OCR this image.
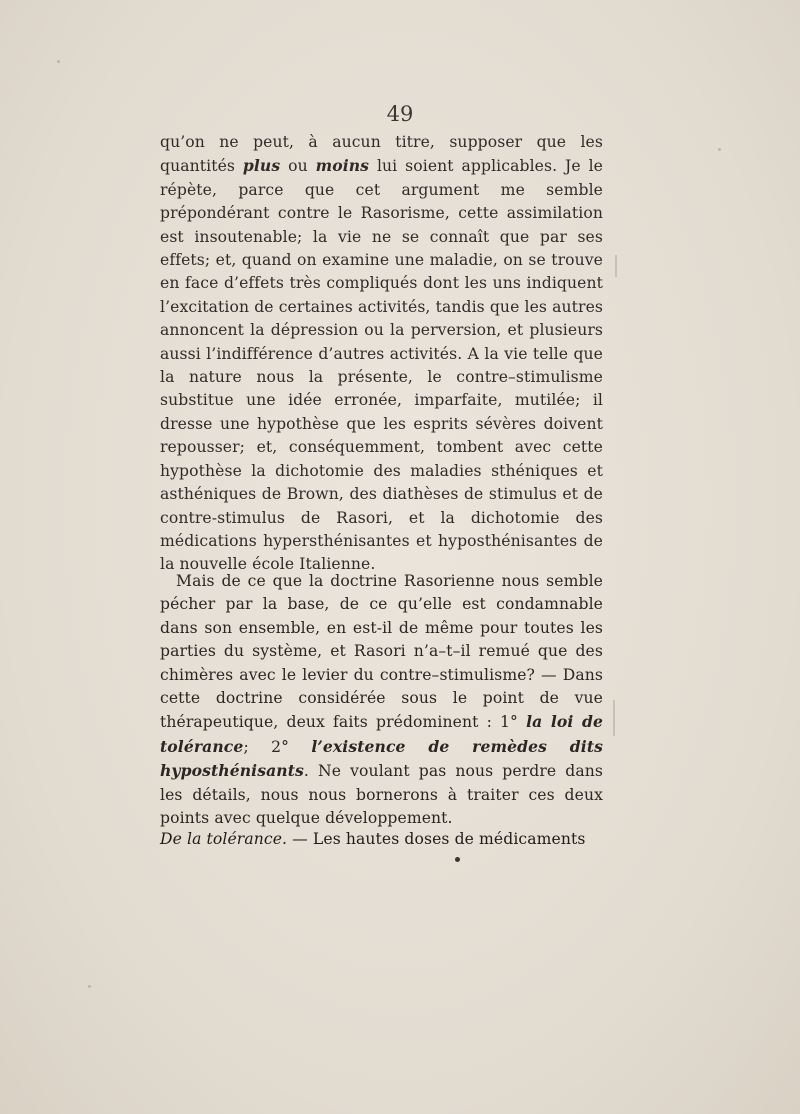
49

qu’on ne peut, à aucun titre, supposer que les quantités plus ou moins lui soient applicables. Je le répète, parce que cet argument me semble prépondérant contre le Rasorisme, cette assimilation est insoutenable; la vie ne se connaît que par ses effets; et, quand on examine une maladie, on se trouve en face d’effets très compliqués dont les uns indiquent l’excitation de certaines activités, tandis que les autres annoncent la dépression ou la perversion, et plusieurs aussi l’indifférence d’autres activités. A la vie telle que la nature nous la présente, le contre–stimulisme substitue une idée erronée, imparfaite, mutilée; il dresse une hypothèse que les esprits sévères doivent repousser; et, conséquemment, tombent avec cette hypothèse la dichotomie des maladies sthéniques et asthéniques de Brown, des diathèses de stimulus et de contre-stimulus de Rasori, et la dichotomie des médications hypersthénisantes et hyposthénisantes de la nouvelle école Italienne.

Mais de ce que la doctrine Rasorienne nous semble pécher par la base, de ce qu’elle est condamnable dans son ensemble, en est-il de même pour toutes les parties du système, et Rasori n’a–t–il remué que des chimères avec le levier du contre–stimulisme? — Dans cette doctrine considérée sous le point de vue thérapeutique, deux faits prédominent : 1° la loi de tolérance; 2° l’existence de remèdes dits hyposthénisants. Ne voulant pas nous perdre dans les détails, nous nous bornerons à traiter ces deux points avec quelque développement.

De la tolérance. — Les hautes doses de médicaments
